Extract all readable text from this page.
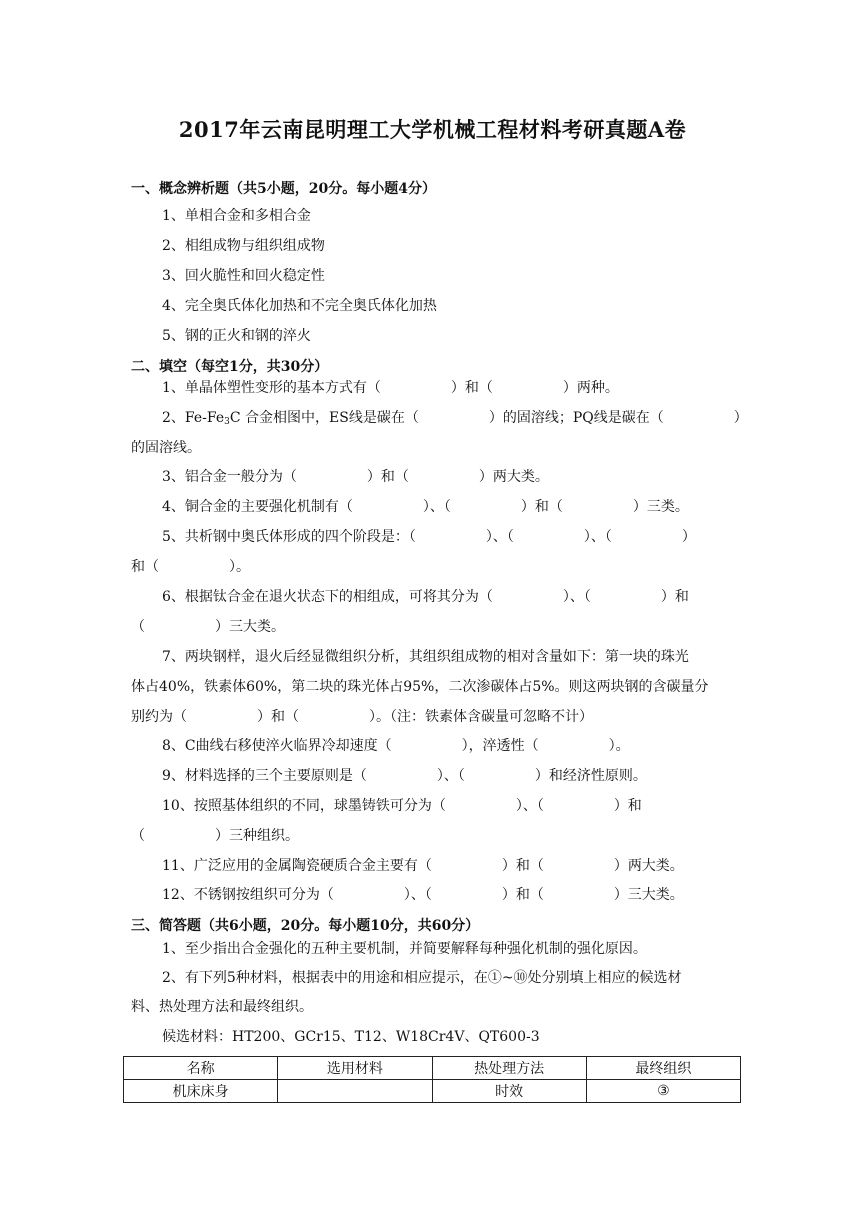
2017年云南昆明理工大学机械工程材料考研真题A卷
一、概念辨析题（共5小题，20分。每小题4分）
1、单相合金和多相合金
2、相组成物与组织组成物
3、回火脆性和回火稳定性
4、完全奥氏体化加热和不完全奥氏体化加热
5、钢的正火和钢的淬火
二、填空（每空1分，共30分）
1、单晶体塑性变形的基本方式有（　　　　　）和（　　　　　）两种。
2、$Fe-Fe_3C$ 合金相图中，ES线是碳在（　　　　　）的固溶线；PQ线是碳在（　　　　　）
的固溶线。
3、铝合金一般分为（　　　　　）和（　　　　　）两大类。
4、铜合金的主要强化机制有（　　　　　）、（　　　　　）和（　　　　　）三类。
5、共析钢中奥氏体形成的四个阶段是：（　　　　　）、（　　　　　）、（　　　　　）
和（　　　　　）。
6、根据钛合金在退火状态下的相组成，可将其分为（　　　　　）、（　　　　　）和
（　　　　　）三大类。
7、两块钢样，退火后经显微组织分析，其组织组成物的相对含量如下：第一块的珠光
体占40%，铁素体60%，第二块的珠光体占95%，二次渗碳体占5%。则这两块钢的含碳量分
别约为（　　　　　）和（　　　　　）。（注：铁素体含碳量可忽略不计）
8、C曲线右移使淬火临界冷却速度（　　　　　），淬透性（　　　　　）。
9、材料选择的三个主要原则是（　　　　　）、（　　　　　）和经济性原则。
10、按照基体组织的不同，球墨铸铁可分为（　　　　　）、（　　　　　）和
（　　　　　）三种组织。
11、广泛应用的金属陶瓷硬质合金主要有（　　　　　）和（　　　　　）两大类。
12、不锈钢按组织可分为（　　　　　）、（　　　　　）和（　　　　　）三大类。
三、简答题（共6小题，20分。每小题10分，共60分）
1、至少指出合金强化的五种主要机制，并简要解释每种强化机制的强化原因。
2、有下列5种材料，根据表中的用途和相应提示，在①~⑩处分别填上相应的候选材
料、热处理方法和最终组织。
候选材料：HT200、GCr15、T12、W18Cr4V、QT600-3
名称	选用材料	热处理方法	最终组织
机床床身		时效	③
